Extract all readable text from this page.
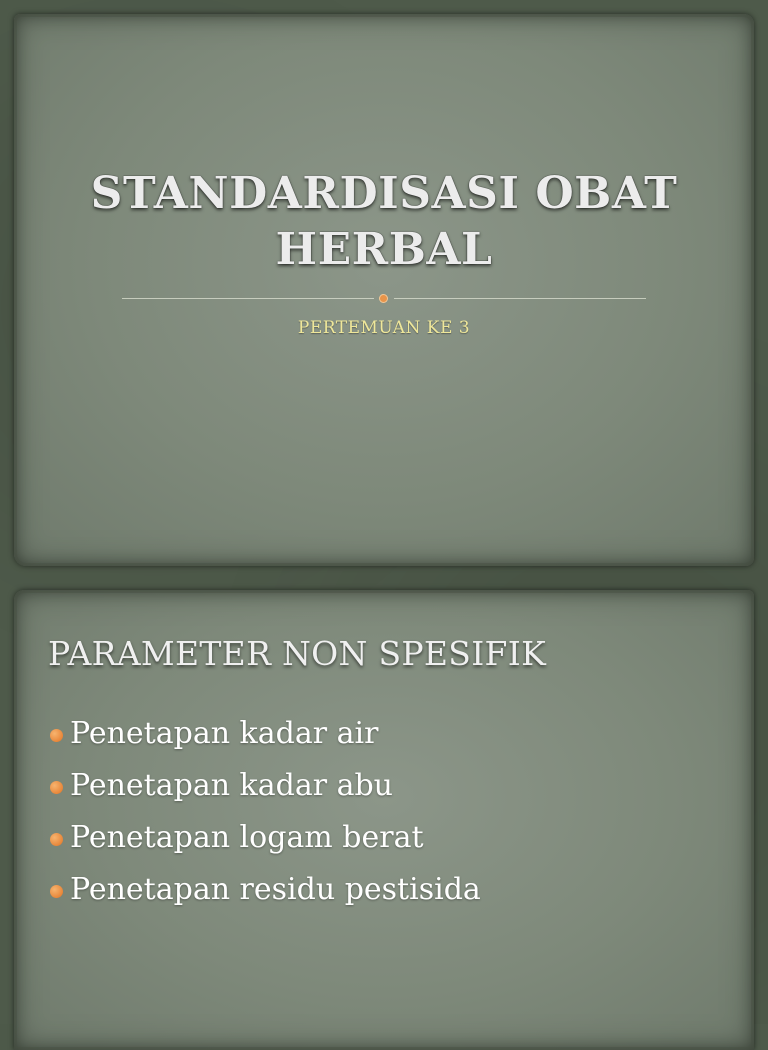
STANDARDISASI OBAT
HERBAL

PERTEMUAN KE 3

PARAMETER NON SPESIFIK
Penetapan kadar air
Penetapan kadar abu
Penetapan logam berat
Penetapan residu pestisida
